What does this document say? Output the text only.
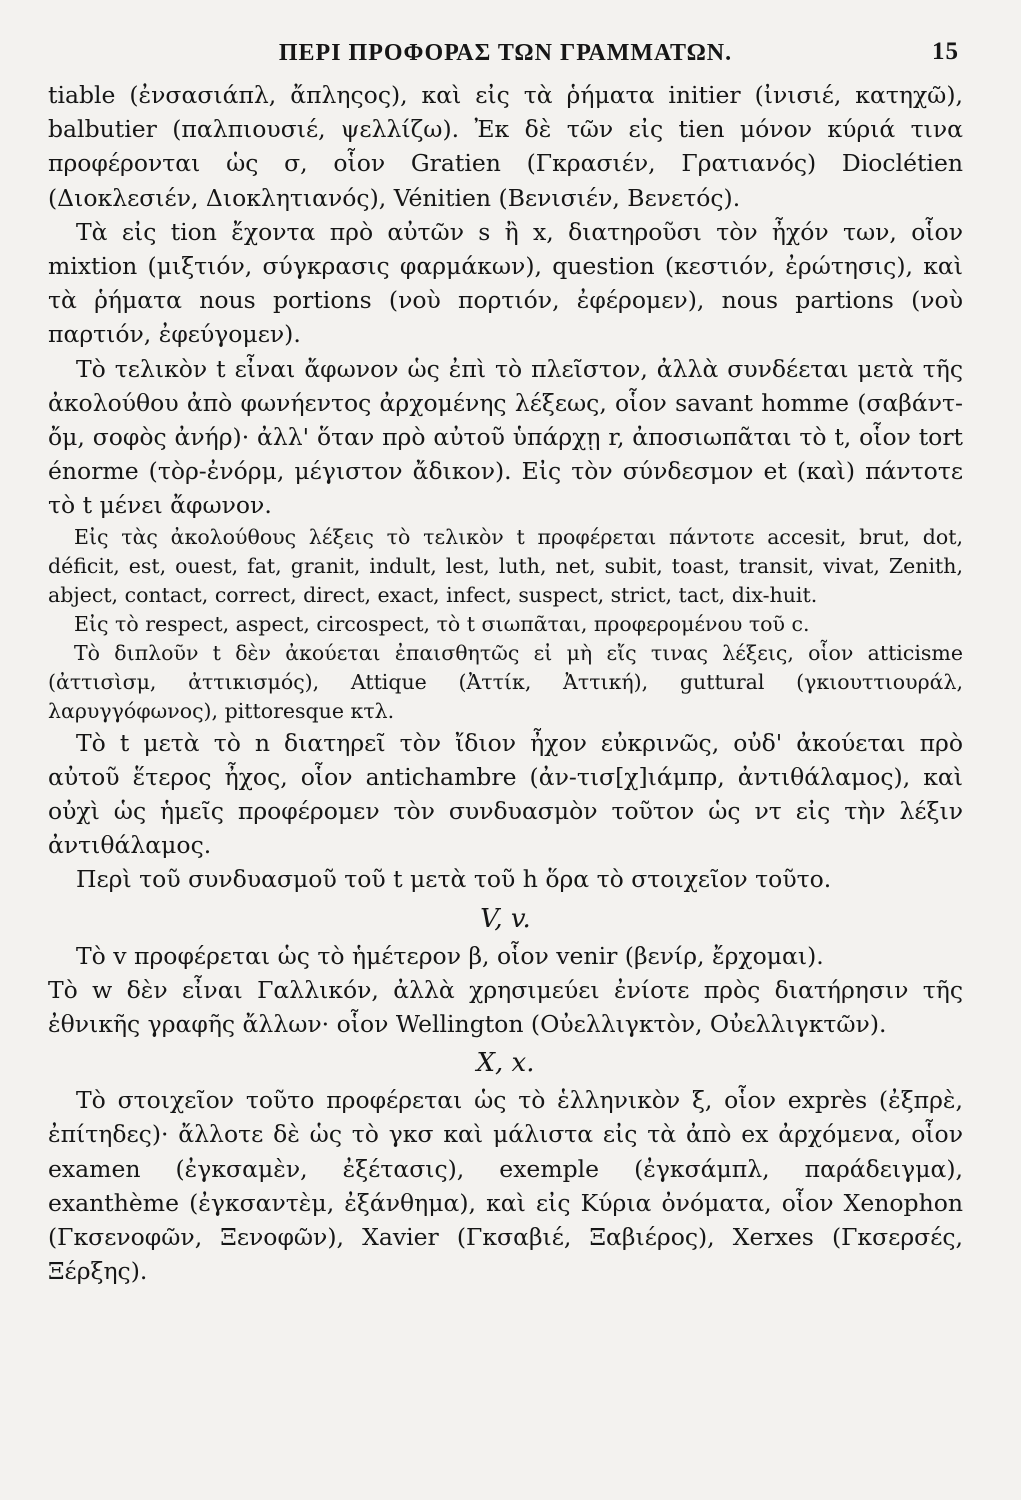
ΠΕΡΙ ΠΡΟΦΟΡΑΣ ΤΩΝ ΓΡΑΜΜΑΤΩΝ.	15

tiable (ἐνσασιάπλ, ἄπληςος), καὶ εἰς τὰ ῥήματα initier (ἰνισιέ, κατηχῶ), balbutier (παλπιουσιέ, ψελλίζω). Ἐκ δὲ τῶν εἰς tien μόνον κύριά τινα προφέρονται ὡς σ, οἷον Gratien (Γκρασιέν, Γρατιανός) Dioclétien (Διοκλεσιέν, Διοκλητιανός), Vénitien (Βενισιέν, Βενετός).

Τὰ εἰς tion ἔχοντα πρὸ αὐτῶν s ἢ x, διατηροῦσι τὸν ἦχόν των, οἷον mixtion (μιξτιόν, σύγκρασις φαρμάκων), question (κεστιόν, ἐρώτησις), καὶ τὰ ῥήματα nous portions (νοὺ πορτιόν, ἐφέρομεν), nous partions (νοὺ παρτιόν, ἐφεύγομεν).

Τὸ τελικὸν t εἶναι ἄφωνον ὡς ἐπὶ τὸ πλεῖστον, ἀλλὰ συνδέεται μετὰ τῆς ἀκολούθου ἀπὸ φωνήεντος ἀρχομένης λέξεως, οἷον savant homme (σαβάντ-ὄμ, σοφὸς ἀνήρ)· ἀλλ' ὅταν πρὸ αὐτοῦ ὑπάρχῃ r, ἀποσιωπᾶται τὸ t, οἷον tort énorme (τὸρ-ἐνόρμ, μέγιστον ἄδικον). Εἰς τὸν σύνδεσμον et (καὶ) πάντοτε τὸ t μένει ἄφωνον.

Εἰς τὰς ἀκολούθους λέξεις τὸ τελικὸν t προφέρεται πάντοτε accesit, brut, dot, déficit, est, ouest, fat, granit, indult, lest, luth, net, subit, toast, transit, vivat, Zenith, abject, contact, correct, direct, exact, infect, suspect, strict, tact, dix-huit.

Εἰς τὸ respect, aspect, circospect, τὸ t σιωπᾶται, προφερομένου τοῦ c.

Τὸ διπλοῦν t δὲν ἀκούεται ἐπαισθητῶς εἰ μὴ εἴς τινας λέξεις, οἷον atticisme (ἀττισὶσμ, ἀττικισμός), Attique (Ἀττίκ, Ἀττική), guttural (γκιουττιουράλ, λαρυγγόφωνος), pittoresque κτλ.

Τὸ t μετὰ τὸ n διατηρεῖ τὸν ἴδιον ἦχον εὐκρινῶς, οὐδ' ἀκούεται πρὸ αὐτοῦ ἕτερος ἦχος, οἷον antichambre (ἀν-τισ[χ]ιάμπρ, ἀντιθάλαμος), καὶ οὐχὶ ὡς ἡμεῖς προφέρομεν τὸν συνδυασμὸν τοῦτον ὡς ντ εἰς τὴν λέξιν ἀντιθάλαμος.

Περὶ τοῦ συνδυασμοῦ τοῦ t μετὰ τοῦ h ὅρα τὸ στοιχεῖον τοῦτο.

V, v.

Τὸ v προφέρεται ὡς τὸ ἡμέτερον β, οἷον venir (βενίρ, ἔρχομαι).

Τὸ w δὲν εἶναι Γαλλικόν, ἀλλὰ χρησιμεύει ἐνίοτε πρὸς διατήρησιν τῆς ἐθνικῆς γραφῆς ἄλλων· οἷον Wellington (Οὐελλιγκτὸν, Οὐελλιγκτῶν).

X, x.

Τὸ στοιχεῖον τοῦτο προφέρεται ὡς τὸ ἑλληνικὸν ξ, οἷον exprès (ἐξπρὲ, ἐπίτηδες)· ἄλλοτε δὲ ὡς τὸ γκσ καὶ μάλιστα εἰς τὰ ἀπὸ ex ἀρχόμενα, οἷον examen (ἐγκσαμὲν, ἐξέτασις), exemple (ἐγκσάμπλ, παράδειγμα), exanthème (ἐγκσαντὲμ, ἐξάνθημα), καὶ εἰς Κύρια ὀνόματα, οἷον Xenophon (Γκσενοφῶν, Ξενοφῶν), Xavier (Γκσαβιέ, Ξαβιέρος), Xerxes (Γκσερσές, Ξέρξης).
